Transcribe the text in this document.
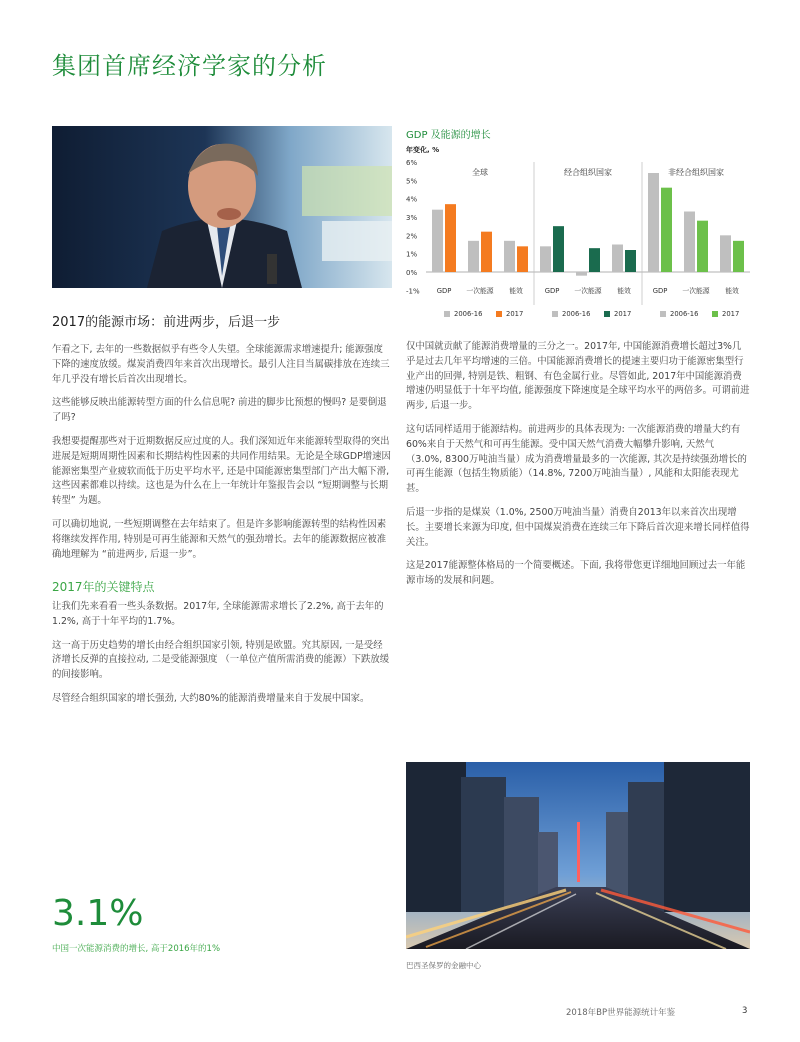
集团首席经济学家的分析
GDP 及能源的增长
年变化, %
-1%
0%
1%
2%
3%
4%
5%
6%
全球
GDP 一次能源 能效
2006-16	2017
经合组织国家
GDP 一次能源 能效
2006-16	2017
非经合组织国家
GDP 一次能源 能效
2006-16	2017
2017的能源市场：前进两步，后退一步

乍看之下, 去年的一些数据似乎有些令人失望。全球能源需求增速提升; 能源强度下降的速度放缓。煤炭消费四年来首次出现增长。最引人注目当属碳排放在连续三年几乎没有增长后首次出现增长。

这些能够反映出能源转型方面的什么信息呢? 前进的脚步比预想的慢吗? 是要倒退了吗?

我想要提醒那些对于近期数据反应过度的人。我们深知近年来能源转型取得的突出进展是短期周期性因素和长期结构性因素的共同作用结果。无论是全球GDP增速因能源密集型产业疲软而低于历史平均水平, 还是中国能源密集型部门产出大幅下滑, 这些因素都难以持续。这也是为什么在上一年统计年鉴报告会以 “短期调整与长期转型” 为题。

可以确切地说, 一些短期调整在去年结束了。但是许多影响能源转型的结构性因素将继续发挥作用, 特别是可再生能源和天然气的强劲增长。去年的能源数据应被准确地理解为 “前进两步, 后退一步”。

2017年的关键特点

让我们先来看看一些头条数据。2017年, 全球能源需求增长了2.2%, 高于去年的1.2%, 高于十年平均的1.7%。

这一高于历史趋势的增长由经合组织国家引领, 特别是欧盟。究其原因, 一是受经济增长反弹的直接拉动, 二是受能源强度 （一单位产值所需消费的能源）下跌放缓的间接影响。

尽管经合组织国家的增长强劲, 大约80%的能源消费增量来自于发展中国家。

仅中国就贡献了能源消费增量的三分之一。2017年, 中国能源消费增长超过3%几乎是过去几年平均增速的三倍。中国能源消费增长的提速主要归功于能源密集型行业产出的回弹, 特别是铁、粗钢、有色金属行业。尽管如此, 2017年中国能源消费增速仍明显低于十年平均值, 能源强度下降速度是全球平均水平的两倍多。可谓前进两步, 后退一步。

这句话同样适用于能源结构。前进两步的具体表现为: 一次能源消费的增量大约有60%来自于天然气和可再生能源。受中国天然气消费大幅攀升影响, 天然气（3.0%, 8300万吨油当量）成为消费增量最多的一次能源, 其次是持续强劲增长的可再生能源（包括生物质能）（14.8%, 7200万吨油当量）, 风能和太阳能表现尤甚。

后退一步指的是煤炭（1.0%, 2500万吨油当量）消费自2013年以来首次出现增长。主要增长来源为印度, 但中国煤炭消费在连续三年下降后首次迎来增长同样值得关注。

这是2017能源整体格局的一个简要概述。下面, 我将带您更详细地回顾过去一年能源市场的发展和问题。

3.1%
中国一次能源消费的增长, 高于2016年的1%
巴西圣保罗的金融中心
2018年BP世界能源统计年鉴	3
